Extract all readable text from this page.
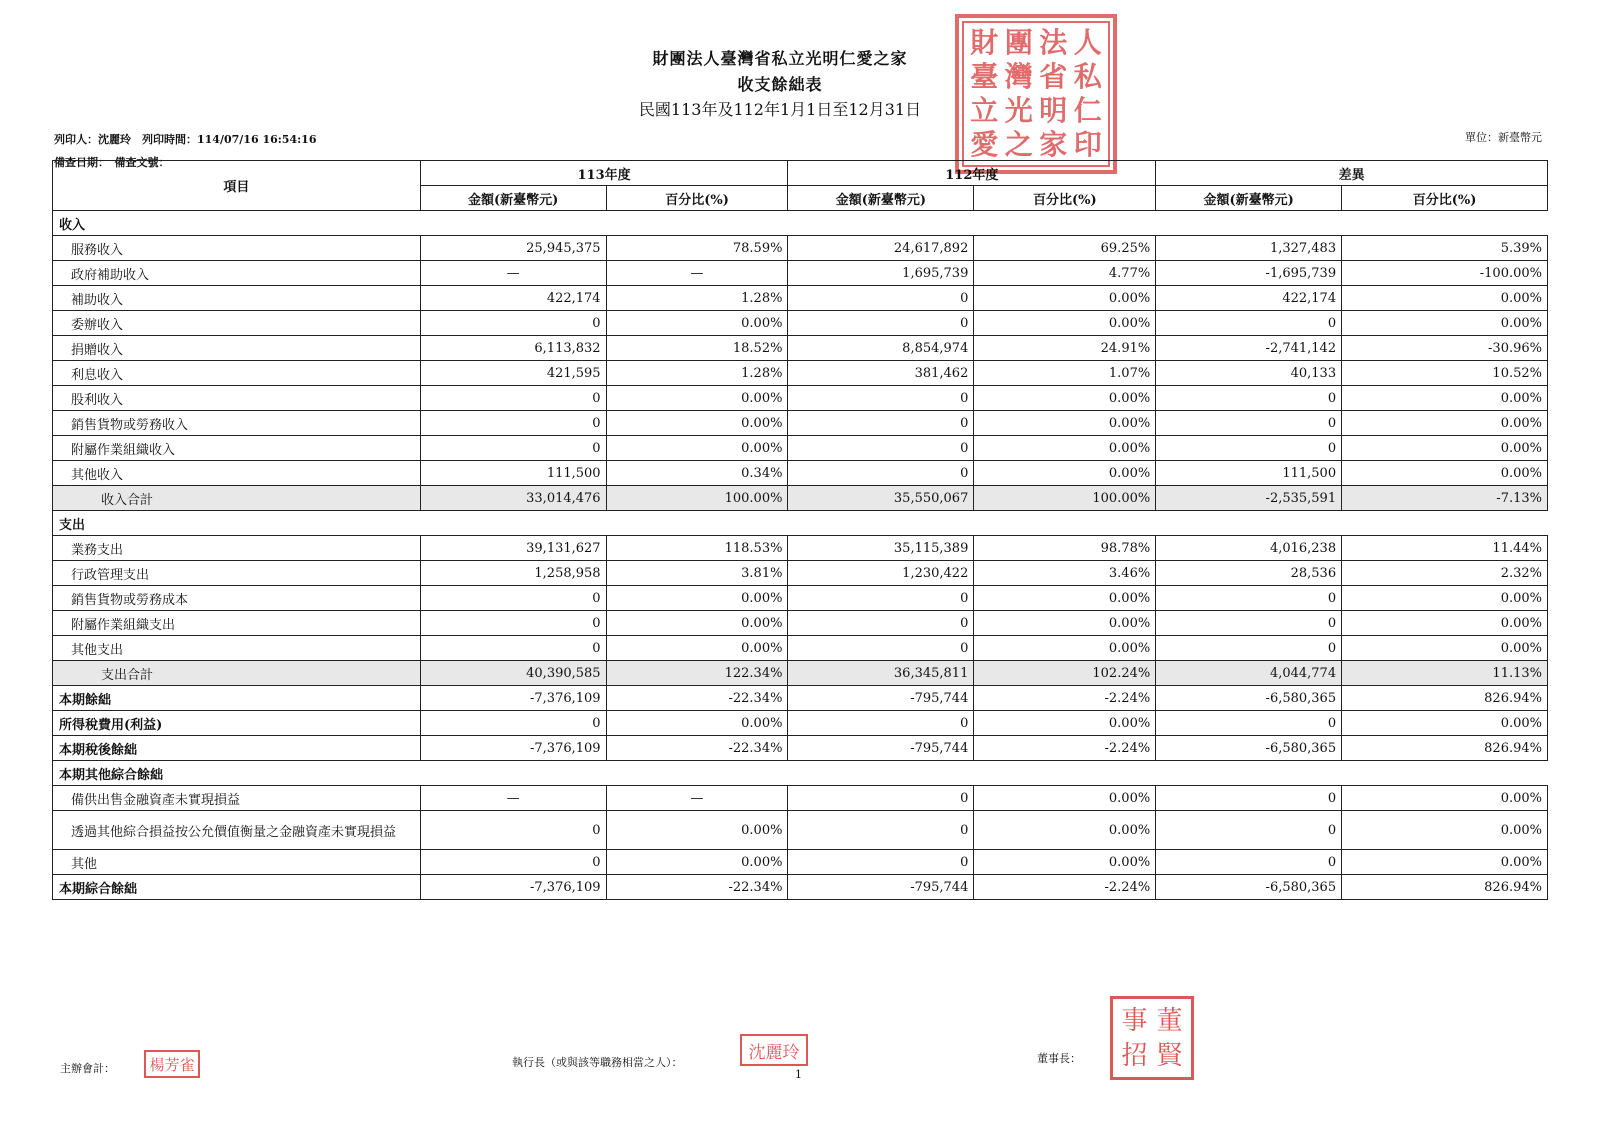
財團法人臺灣省私立光明仁愛之家
收支餘絀表
民國113年及112年1月1日至12月31日
財 團 法 人
臺 灣 省 私
立 光 明 仁
愛 之 家 印
列印人：沈麗玲　列印時間：114/07/16 16:54:16
備查日期：　備查文號：
單位：新臺幣元
項目	113年度		112年度		差異	
	金額(新臺幣元)	百分比(%)	金額(新臺幣元)	百分比(%)	金額(新臺幣元)	百分比(%)
收入						
服務收入	25,945,375	78.59%	24,617,892	69.25%	1,327,483	5.39%
政府補助收入	—	—	1,695,739	4.77%	-1,695,739	-100.00%
補助收入	422,174	1.28%	0	0.00%	422,174	0.00%
委辦收入	0	0.00%	0	0.00%	0	0.00%
捐贈收入	6,113,832	18.52%	8,854,974	24.91%	-2,741,142	-30.96%
利息收入	421,595	1.28%	381,462	1.07%	40,133	10.52%
股利收入	0	0.00%	0	0.00%	0	0.00%
銷售貨物或勞務收入	0	0.00%	0	0.00%	0	0.00%
附屬作業組織收入	0	0.00%	0	0.00%	0	0.00%
其他收入	111,500	0.34%	0	0.00%	111,500	0.00%
收入合計	33,014,476	100.00%	35,550,067	100.00%	-2,535,591	-7.13%
支出						
業務支出	39,131,627	118.53%	35,115,389	98.78%	4,016,238	11.44%
行政管理支出	1,258,958	3.81%	1,230,422	3.46%	28,536	2.32%
銷售貨物或勞務成本	0	0.00%	0	0.00%	0	0.00%
附屬作業組織支出	0	0.00%	0	0.00%	0	0.00%
其他支出	0	0.00%	0	0.00%	0	0.00%
支出合計	40,390,585	122.34%	36,345,811	102.24%	4,044,774	11.13%
本期餘絀	-7,376,109	-22.34%	-795,744	-2.24%	-6,580,365	826.94%
所得稅費用(利益)	0	0.00%	0	0.00%	0	0.00%
本期稅後餘絀	-7,376,109	-22.34%	-795,744	-2.24%	-6,580,365	826.94%
本期其他綜合餘絀						
備供出售金融資產未實現損益	—	—	0	0.00%	0	0.00%
透過其他綜合損益按公允價值衡量之金融資產未實現損益	0	0.00%	0	0.00%	0	0.00%
其他	0	0.00%	0	0.00%	0	0.00%
本期綜合餘絀	-7,376,109	-22.34%	-795,744	-2.24%	-6,580,365	826.94%
主辦會計：	楊芳雀	執行長（或與該等職務相當之人）：	沈麗玲
1
董事長：
事 董
招 賢
